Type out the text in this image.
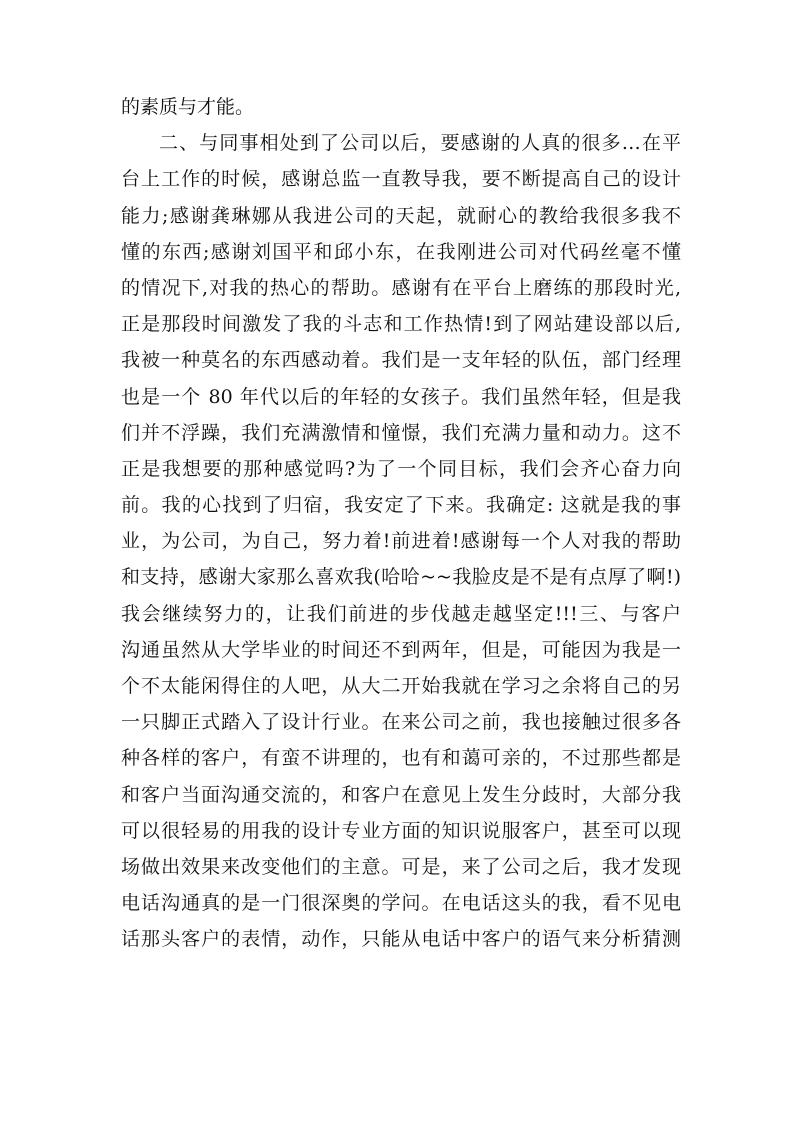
的素质与才能。
二、与同事相处到了公司以后，要感谢的人真的很多…在平
台上工作的时候，感谢总监一直教导我，要不断提高自己的设计
能力;感谢龚琳娜从我进公司的天起，就耐心的教给我很多我不
懂的东西;感谢刘国平和邱小东，在我刚进公司对代码丝毫不懂
的情况下,对我的热心的帮助。感谢有在平台上磨练的那段时光,
正是那段时间激发了我的斗志和工作热情!到了网站建设部以后,
我被一种莫名的东西感动着。我们是一支年轻的队伍，部门经理
也是一个 80 年代以后的年轻的女孩子。我们虽然年轻，但是我
们并不浮躁，我们充满激情和憧憬，我们充满力量和动力。这不
正是我想要的那种感觉吗?为了一个同目标，我们会齐心奋力向
前。我的心找到了归宿，我安定了下来。我确定: 这就是我的事
业，为公司，为自己，努力着!前进着!感谢每一个人对我的帮助
和支持，感谢大家那么喜欢我(哈哈~~我脸皮是不是有点厚了啊!)
我会继续努力的，让我们前进的步伐越走越坚定!!!三、与客户
沟通虽然从大学毕业的时间还不到两年，但是，可能因为我是一
个不太能闲得住的人吧，从大二开始我就在学习之余将自己的另
一只脚正式踏入了设计行业。在来公司之前，我也接触过很多各
种各样的客户，有蛮不讲理的，也有和蔼可亲的，不过那些都是
和客户当面沟通交流的，和客户在意见上发生分歧时，大部分我
可以很轻易的用我的设计专业方面的知识说服客户，甚至可以现
场做出效果来改变他们的主意。可是，来了公司之后，我才发现
电话沟通真的是一门很深奥的学问。在电话这头的我，看不见电
话那头客户的表情，动作，只能从电话中客户的语气来分析猜测
